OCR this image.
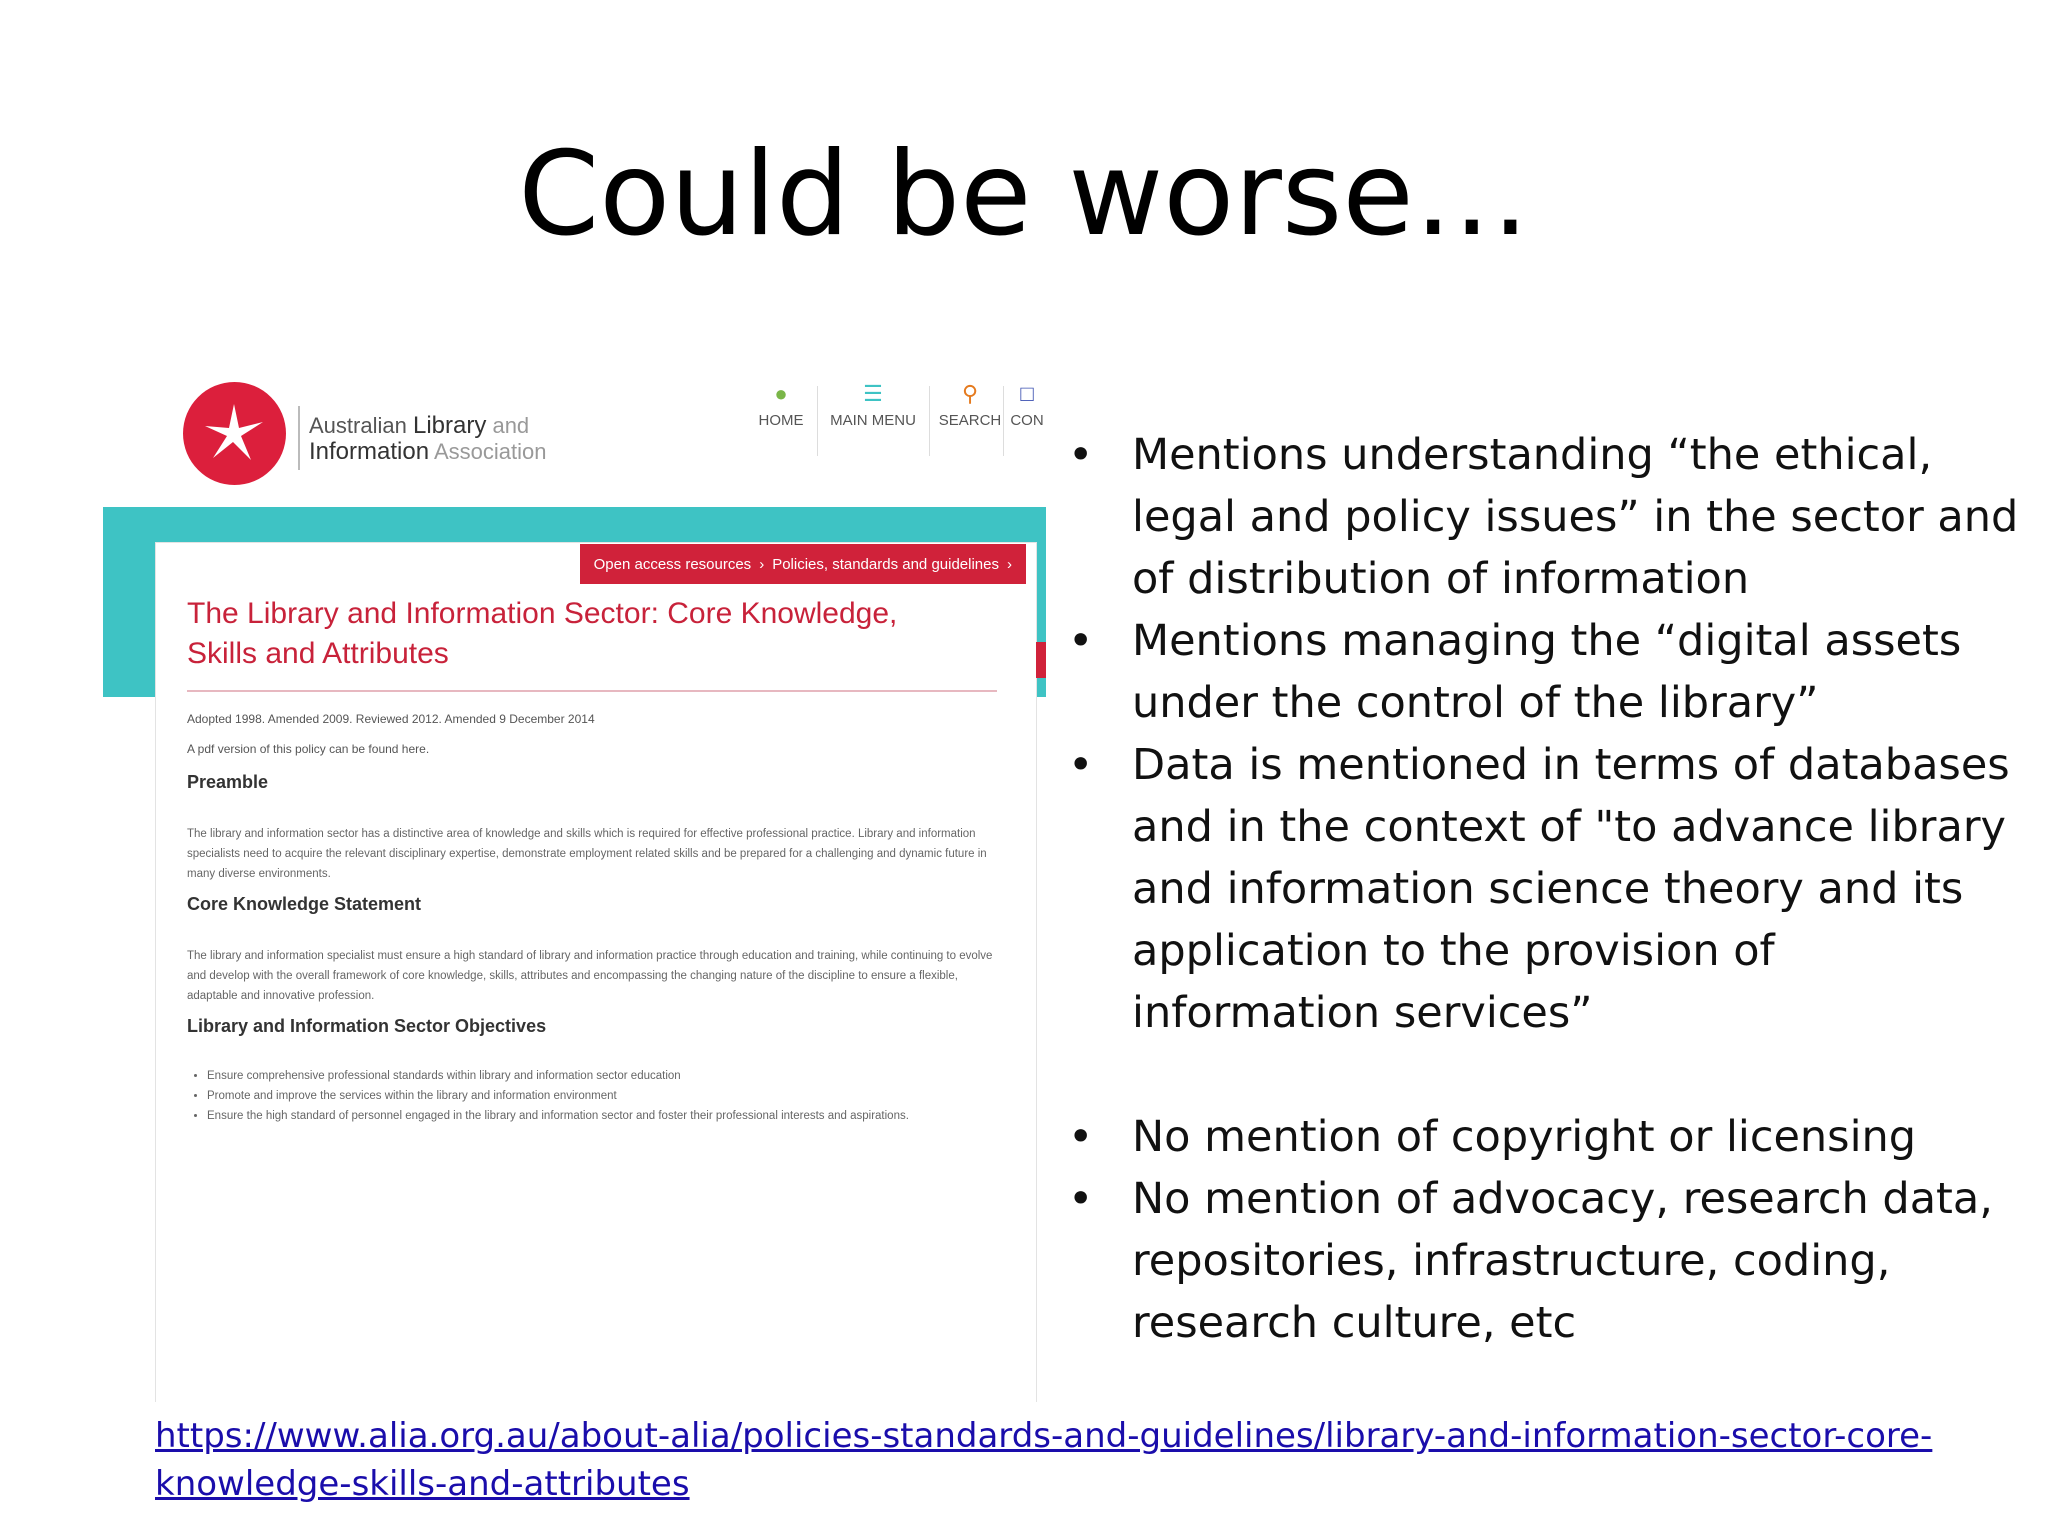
Could be worse…
Australian Library and
Information Association
●
HOME
☰
MAIN MENU
⚲
SEARCH
□
CON
Open access resources › Policies, standards and guidelines ›
The Library and Information Sector: Core Knowledge, Skills and Attributes
Adopted 1998. Amended 2009. Reviewed 2012. Amended 9 December 2014
A pdf version of this policy can be found here.
Preamble
The library and information sector has a distinctive area of knowledge and skills which is required for effective professional practice. Library and information specialists need to acquire the relevant disciplinary expertise, demonstrate employment related skills and be prepared for a challenging and dynamic future in many diverse environments.
Core Knowledge Statement
The library and information specialist must ensure a high standard of library and information practice through education and training, while continuing to evolve and develop with the overall framework of core knowledge, skills, attributes and encompassing the changing nature of the discipline to ensure a flexible, adaptable and innovative profession.
Library and Information Sector Objectives
• Ensure comprehensive professional standards within library and information sector education
• Promote and improve the services within the library and information environment
• Ensure the high standard of personnel engaged in the library and information sector and foster their professional interests and aspirations.
• Mentions understanding “the ethical, legal and policy issues” in the sector and of distribution of information
• Mentions managing the “digital assets under the control of the library”
• Data is mentioned in terms of databases and in the context of "to advance library and information science theory and its application to the provision of information services”
• No mention of copyright or licensing
• No mention of advocacy, research data, repositories, infrastructure, coding, research culture, etc
https://www.alia.org.au/about-alia/policies-standards-and-guidelines/library-and-information-sector-core-knowledge-skills-and-attributes
